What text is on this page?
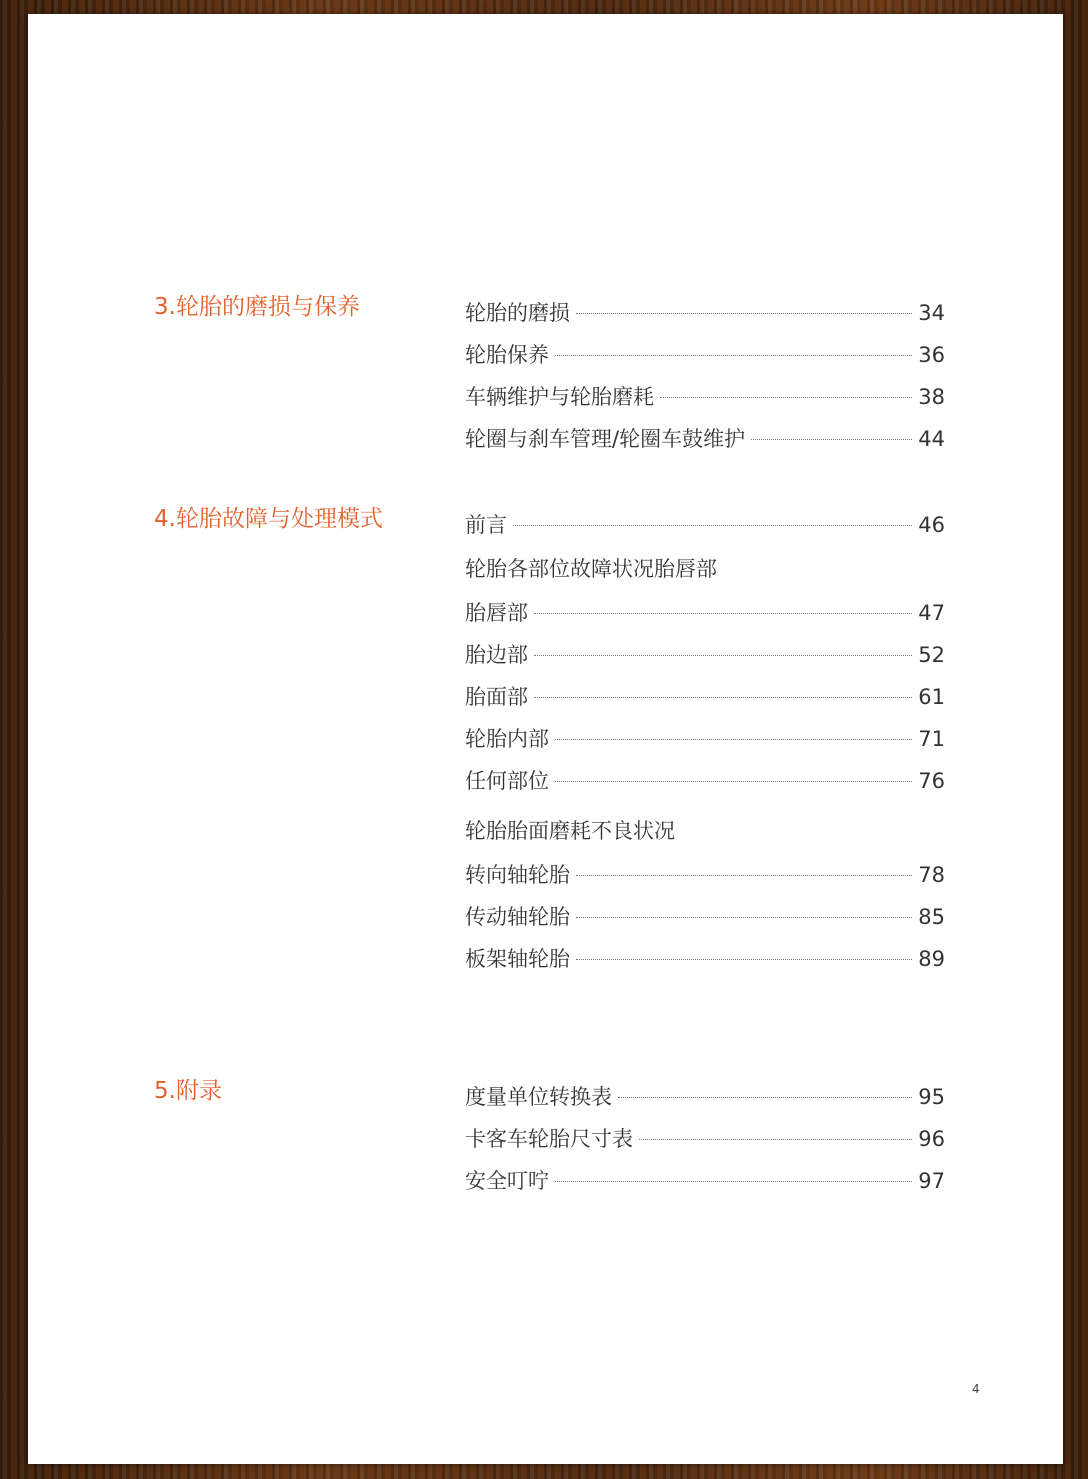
3.轮胎的磨损与保养	轮胎的磨损	34
轮胎保养	36
车辆维护与轮胎磨耗	38
轮圈与刹车管理/轮圈车鼓维护	44
4.轮胎故障与处理模式	前言	46
轮胎各部位故障状况胎唇部
胎唇部	47
胎边部	52
胎面部	61
轮胎内部	71
任何部位	76
轮胎胎面磨耗不良状况
转向轴轮胎	78
传动轴轮胎	85
板架轴轮胎	89
5.附录	度量单位转换表	95
卡客车轮胎尺寸表	96
安全叮咛	97
4
